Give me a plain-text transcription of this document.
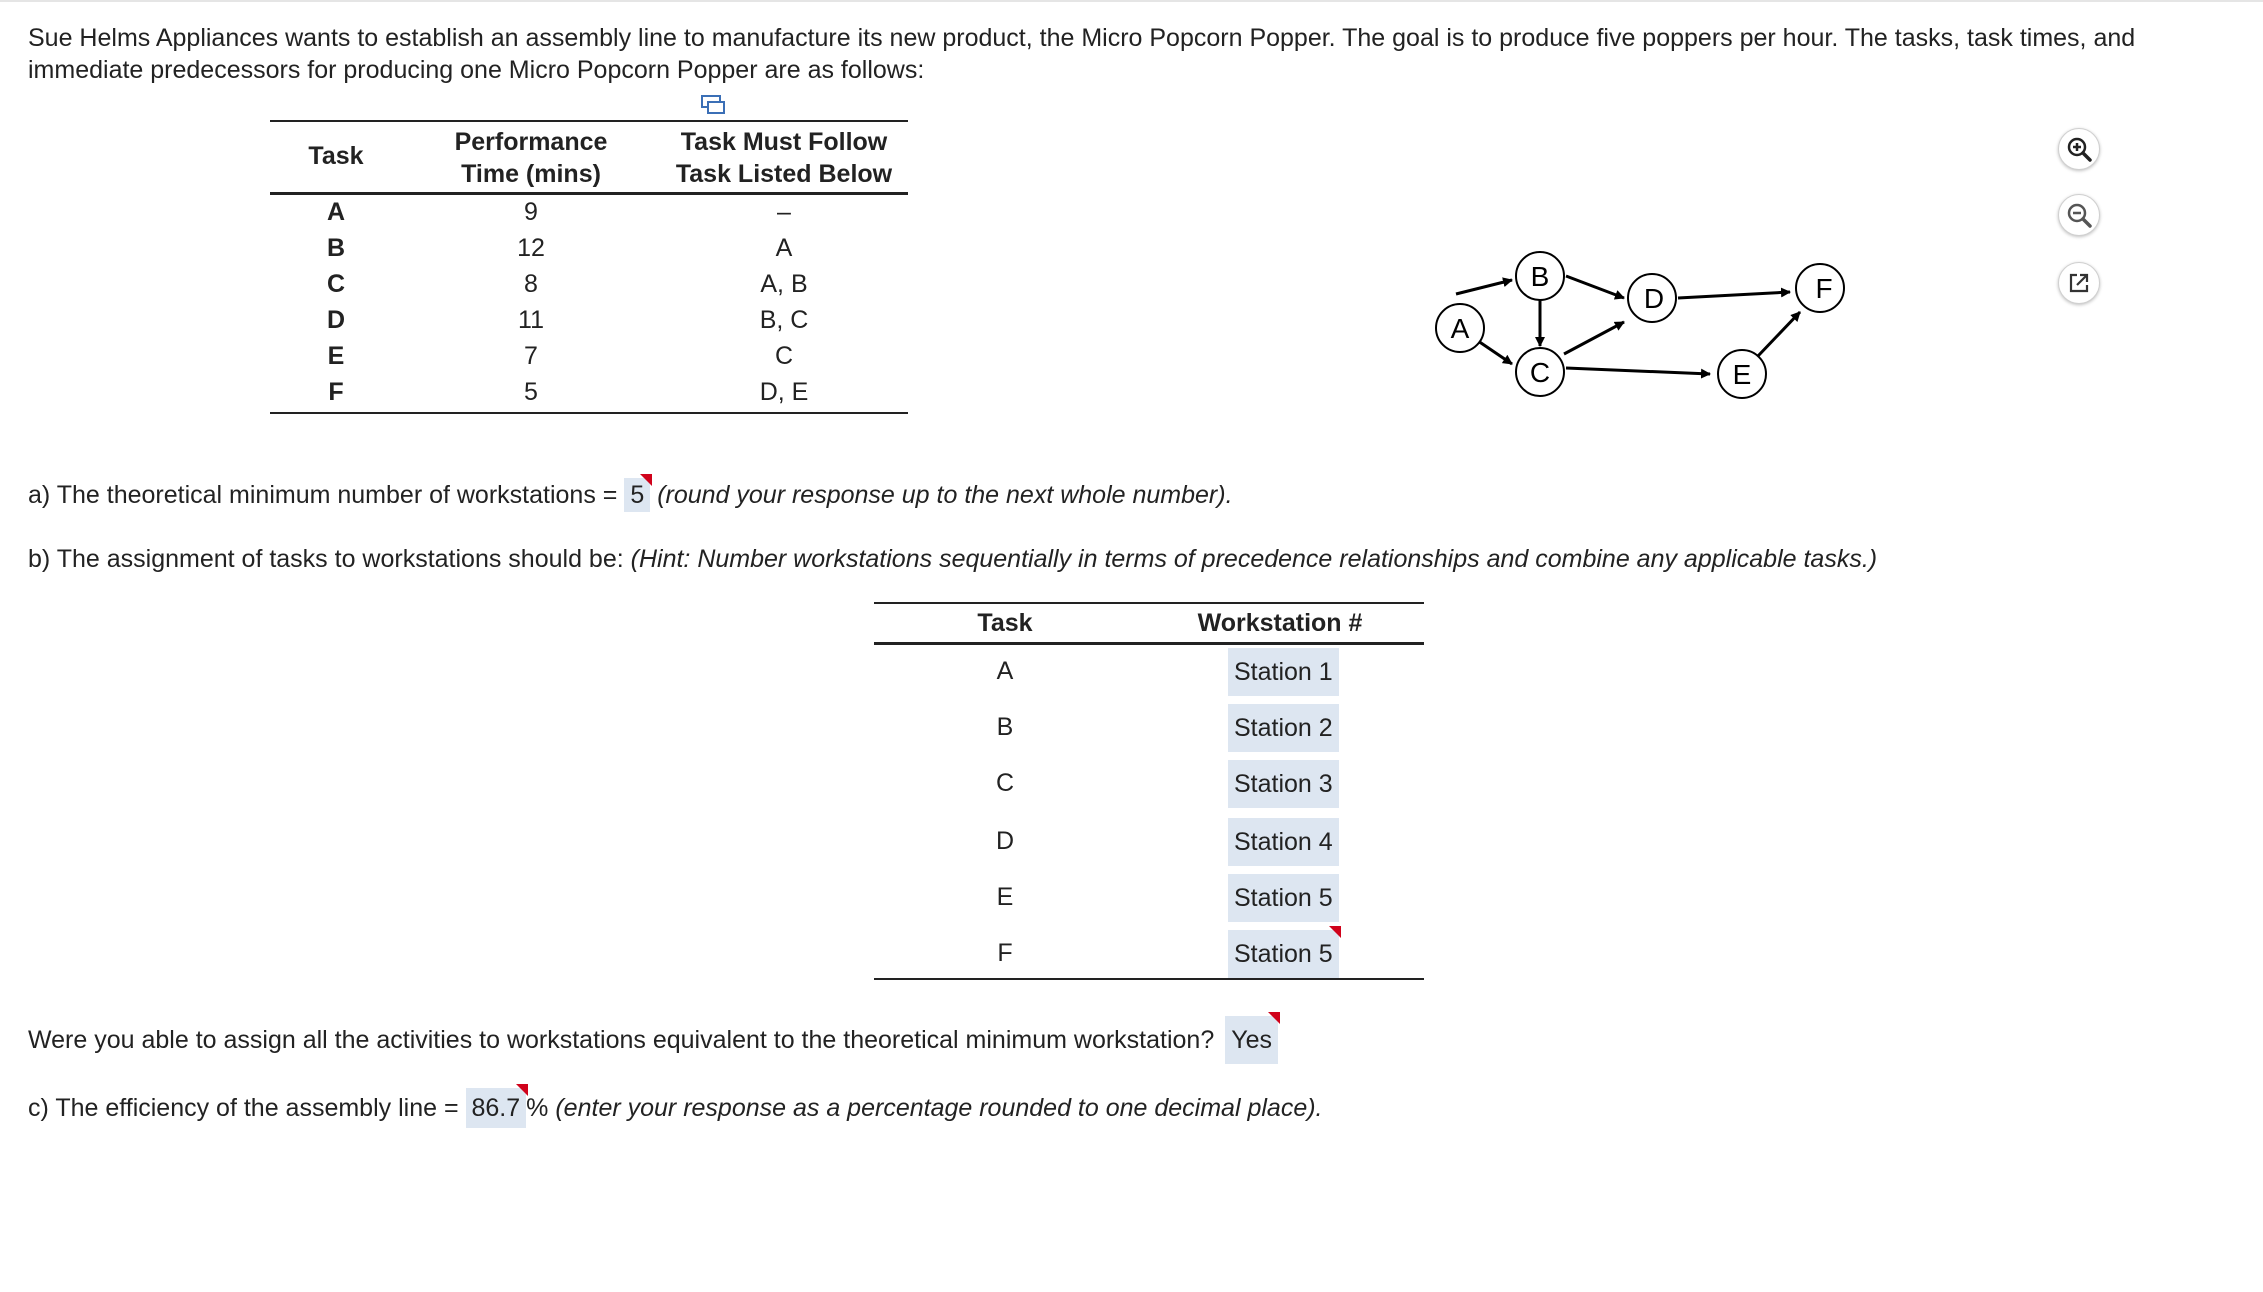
Sue Helms Appliances wants to establish an assembly line to manufacture its new product, the Micro Popcorn Popper. The goal is to produce five poppers per hour. The tasks, task times, and immediate predecessors for producing one Micro Popcorn Popper are as follows:
Task	Performance
Time (mins)
Task Must Follow
Task Listed Below
A	9	–
B	12	A
C	8	A, B
D	11	B, C
E	7	C
F	5	D, E
A
B
C
D
E
F
a) The theoretical minimum number of workstations = 5 (round your response up to the next whole number).
b) The assignment of tasks to workstations should be: (Hint: Number workstations sequentially in terms of precedence relationships and combine any applicable tasks.)
Task	Workstation #
A	Station 1
B	Station 2
C	Station 3
D	Station 4
E	Station 5
F	Station 5
Were you able to assign all the activities to workstations equivalent to the theoretical minimum workstation? Yes
c) The efficiency of the assembly line = 86.7 % (enter your response as a percentage rounded to one decimal place).
